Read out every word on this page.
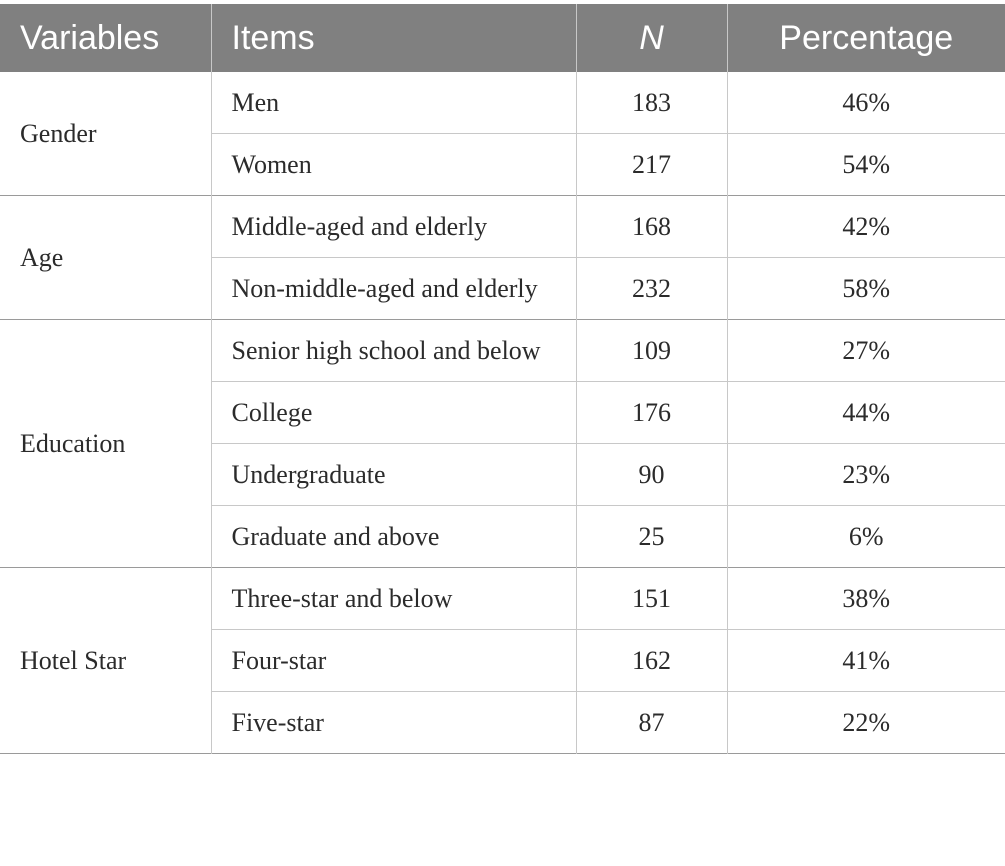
Variables	Items	N	Percentage
Gender	Men	183	46%
	Women	217	54%
Age	Middle-aged and elderly	168	42%
	Non-middle-aged and elderly	232	58%
Education	Senior high school and below	109	27%
	College	176	44%
	Undergraduate	90	23%
	Graduate and above	25	6%
Hotel Star	Three-star and below	151	38%
	Four-star	162	41%
	Five-star	87	22%
